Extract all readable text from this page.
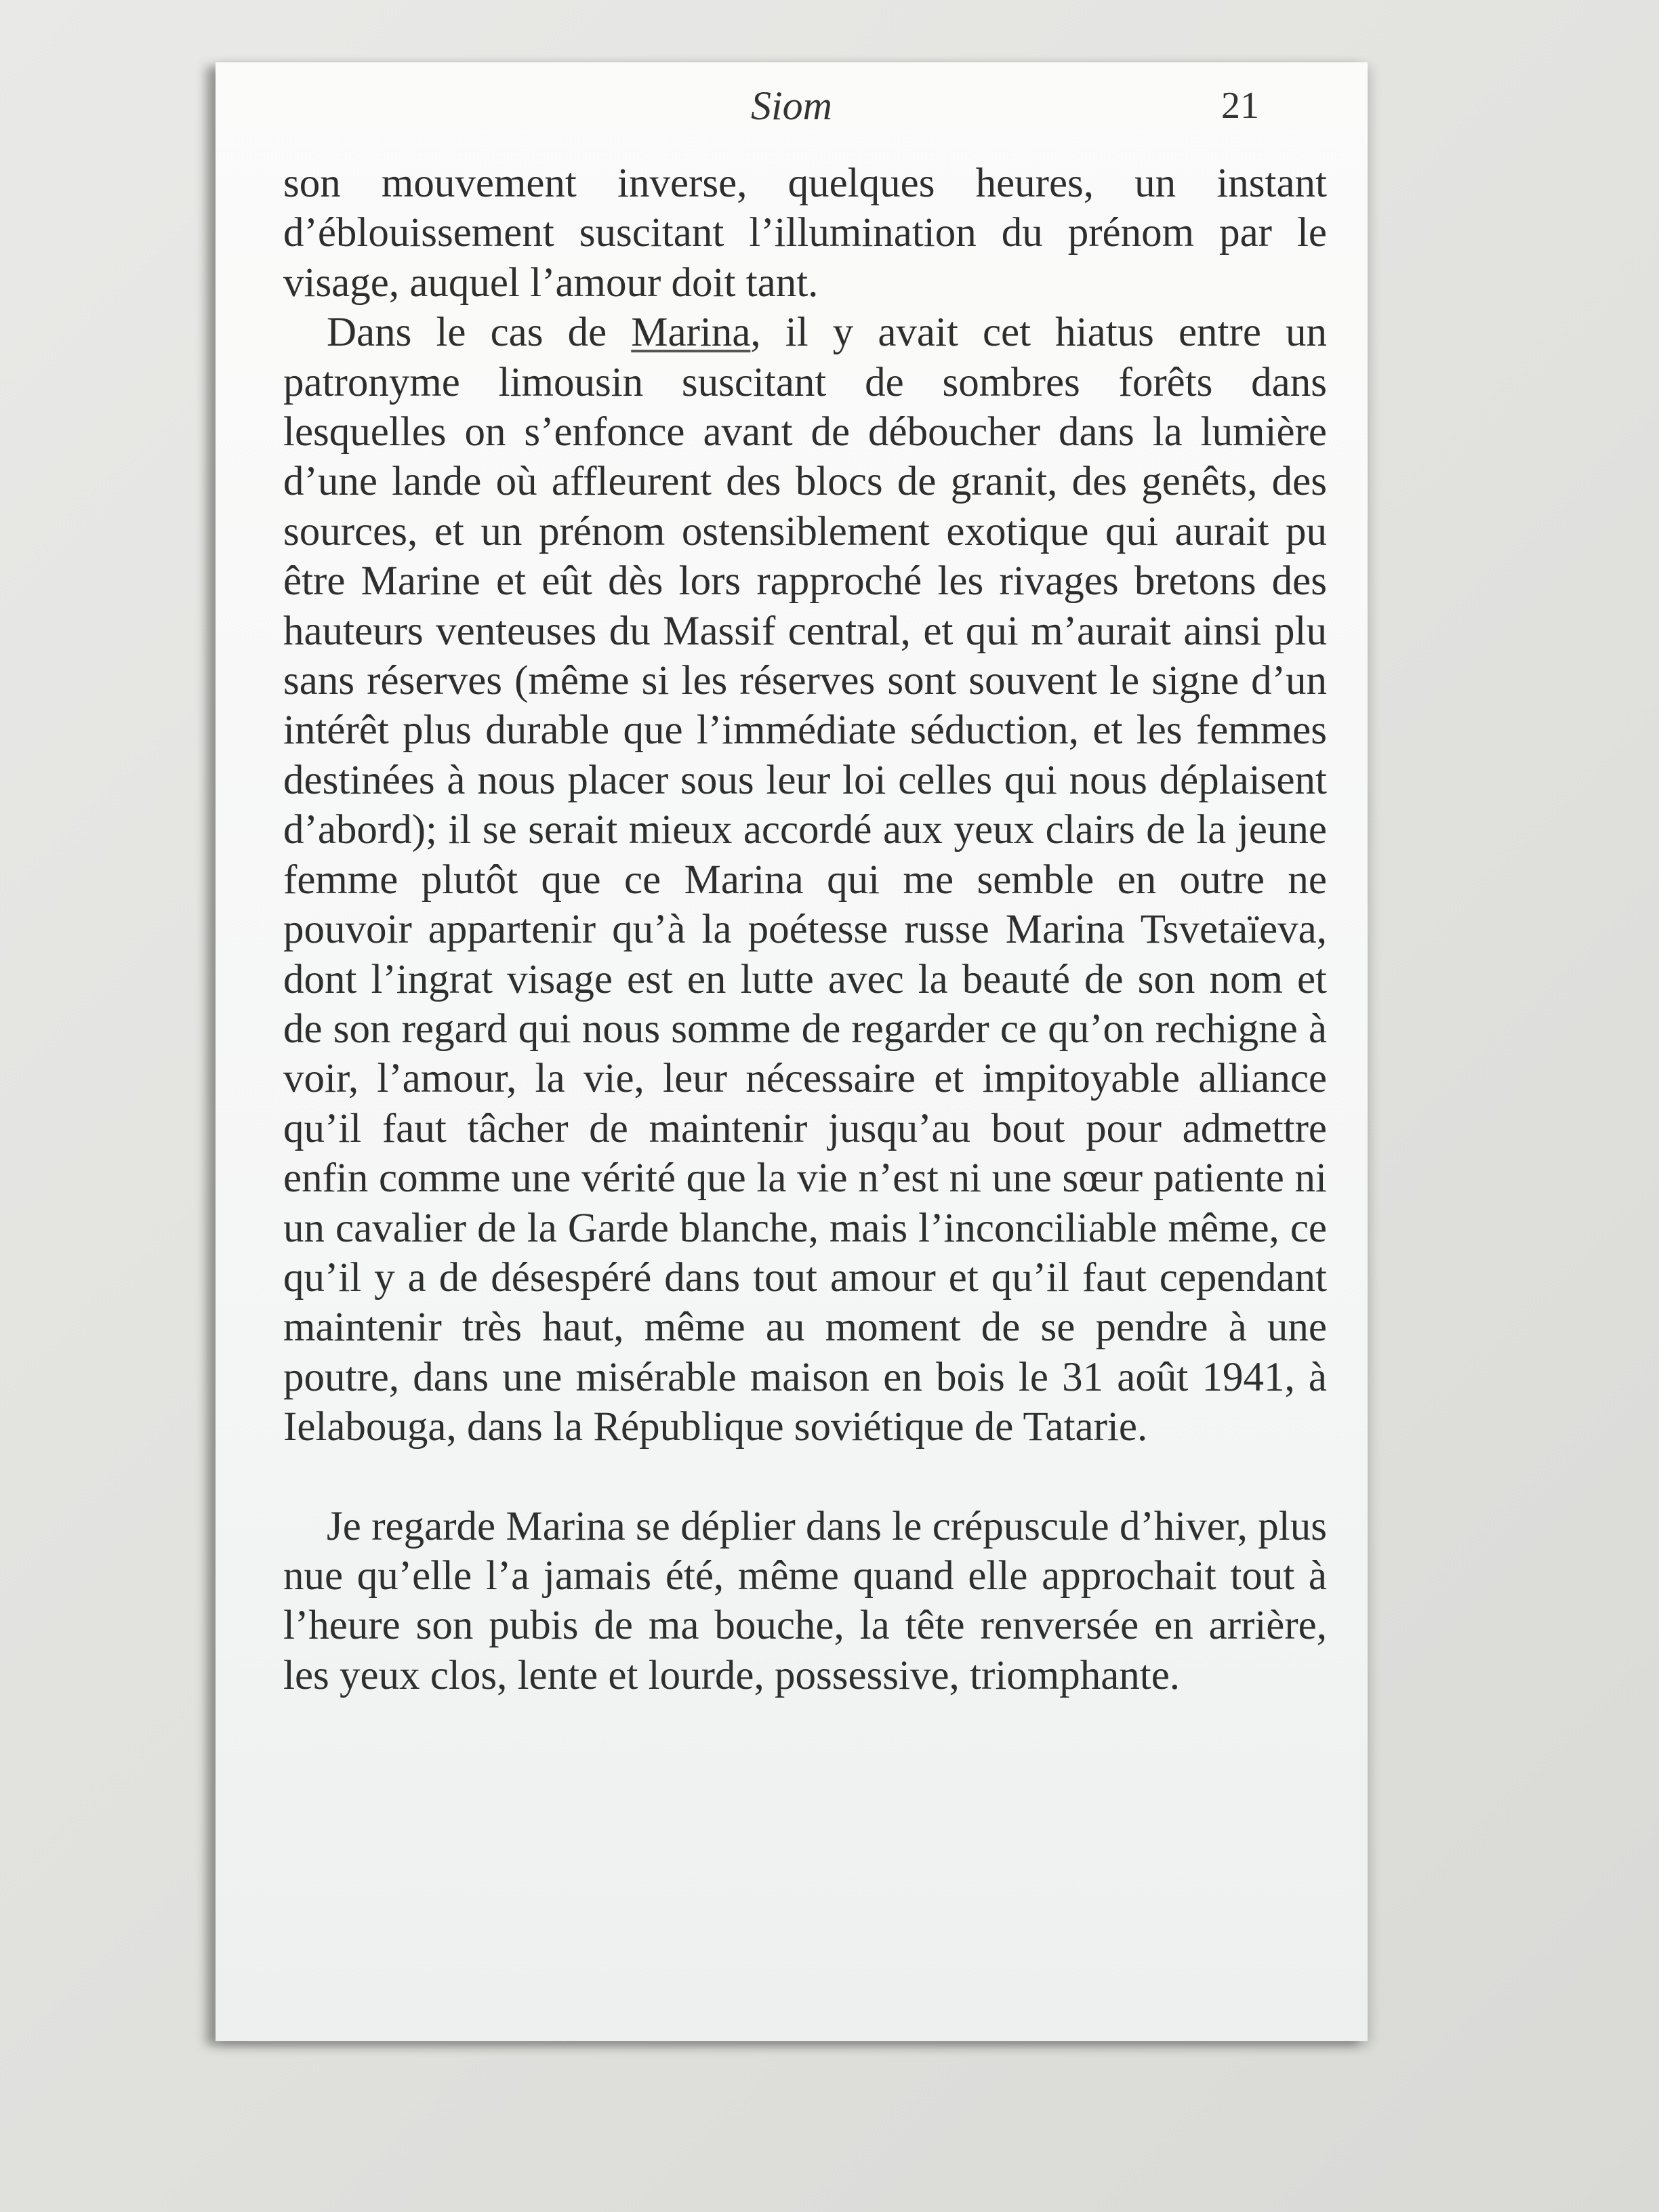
Siom	21

son mouvement inverse, quelques heures, un instant d’éblouissement suscitant l’illumination du prénom par le visage, auquel l’amour doit tant.

Dans le cas de Marina, il y avait cet hiatus entre un patronyme limousin suscitant de sombres forêts dans lesquelles on s’enfonce avant de déboucher dans la lumière d’une lande où affleurent des blocs de granit, des genêts, des sources, et un prénom ostensiblement exotique qui aurait pu être Marine et eût dès lors rapproché les rivages bretons des hauteurs venteuses du Massif central, et qui m’aurait ainsi plu sans réserves (même si les réserves sont souvent le signe d’un intérêt plus durable que l’immédiate séduction, et les femmes destinées à nous placer sous leur loi celles qui nous déplaisent d’abord); il se serait mieux accordé aux yeux clairs de la jeune femme plutôt que ce Marina qui me semble en outre ne pouvoir appartenir qu’à la poétesse russe Marina Tsvetaïeva, dont l’ingrat visage est en lutte avec la beauté de son nom et de son regard qui nous somme de regarder ce qu’on rechigne à voir, l’amour, la vie, leur nécessaire et impitoyable alliance qu’il faut tâcher de maintenir jusqu’au bout pour admettre enfin comme une vérité que la vie n’est ni une sœur patiente ni un cavalier de la Garde blanche, mais l’inconciliable même, ce qu’il y a de désespéré dans tout amour et qu’il faut cependant maintenir très haut, même au moment de se pendre à une poutre, dans une misérable maison en bois le 31 août 1941, à Ielabouga, dans la République soviétique de Tatarie.

Je regarde Marina se déplier dans le crépuscule d’hiver, plus nue qu’elle l’a jamais été, même quand elle approchait tout à l’heure son pubis de ma bouche, la tête renversée en arrière, les yeux clos, lente et lourde, possessive, triomphante.
